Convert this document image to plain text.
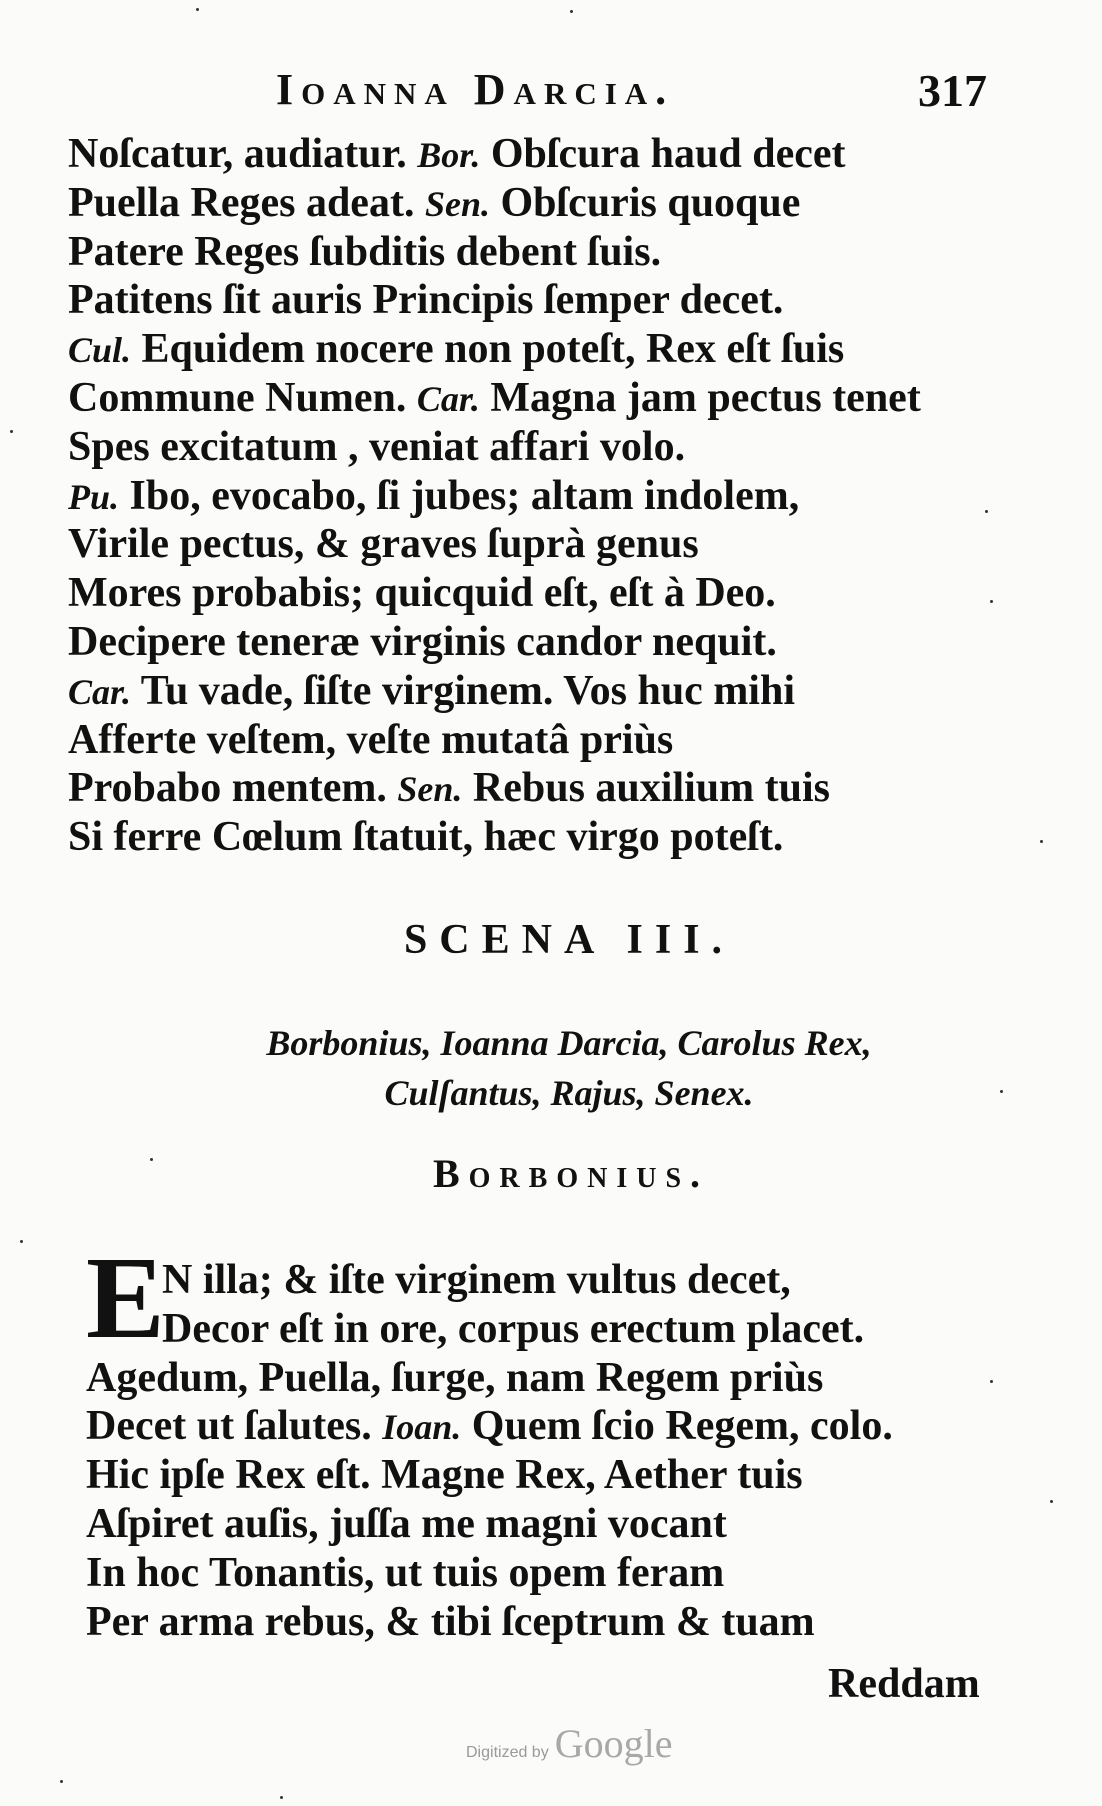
Ioanna Darcia.	317
Noſcatur, audiatur. Bor. Obſcura haud decet
Puella Reges adeat. Sen. Obſcuris quoque
Patere Reges ſubditis debent ſuis.
Patitens ſit auris Principis ſemper decet.
Cul. Equidem nocere non poteſt, Rex eſt ſuis
Commune Numen. Car. Magna jam pectus tenet
Spes excitatum , veniat affari volo.
Pu. Ibo, evocabo, ſi jubes; altam indolem,
Virile pectus, & graves ſuprà genus
Mores probabis; quicquid eſt, eſt à Deo.
Decipere teneræ virginis candor nequit.
Car. Tu vade, ſiſte virginem. Vos huc mihi
Afferte veſtem, veſte mutatâ priùs
Probabo mentem. Sen. Rebus auxilium tuis
Si ferre Cœlum ſtatuit, hæc virgo poteſt.
SCENA III.
Borbonius, Ioanna Darcia, Carolus Rex,
Culſantus, Rajus, Senex.
Borbonius.
E
N illa; & iſte virginem vultus decet,
Decor eſt in ore, corpus erectum placet.
Agedum, Puella, ſurge, nam Regem priùs
Decet ut ſalutes. Ioan. Quem ſcio Regem, colo.
Hic ipſe Rex eſt. Magne Rex, Aether tuis
Aſpiret auſis, juſſa me magni vocant
In hoc Tonantis, ut tuis opem feram
Per arma rebus, & tibi ſceptrum & tuam
Reddam
Digitized by Google
